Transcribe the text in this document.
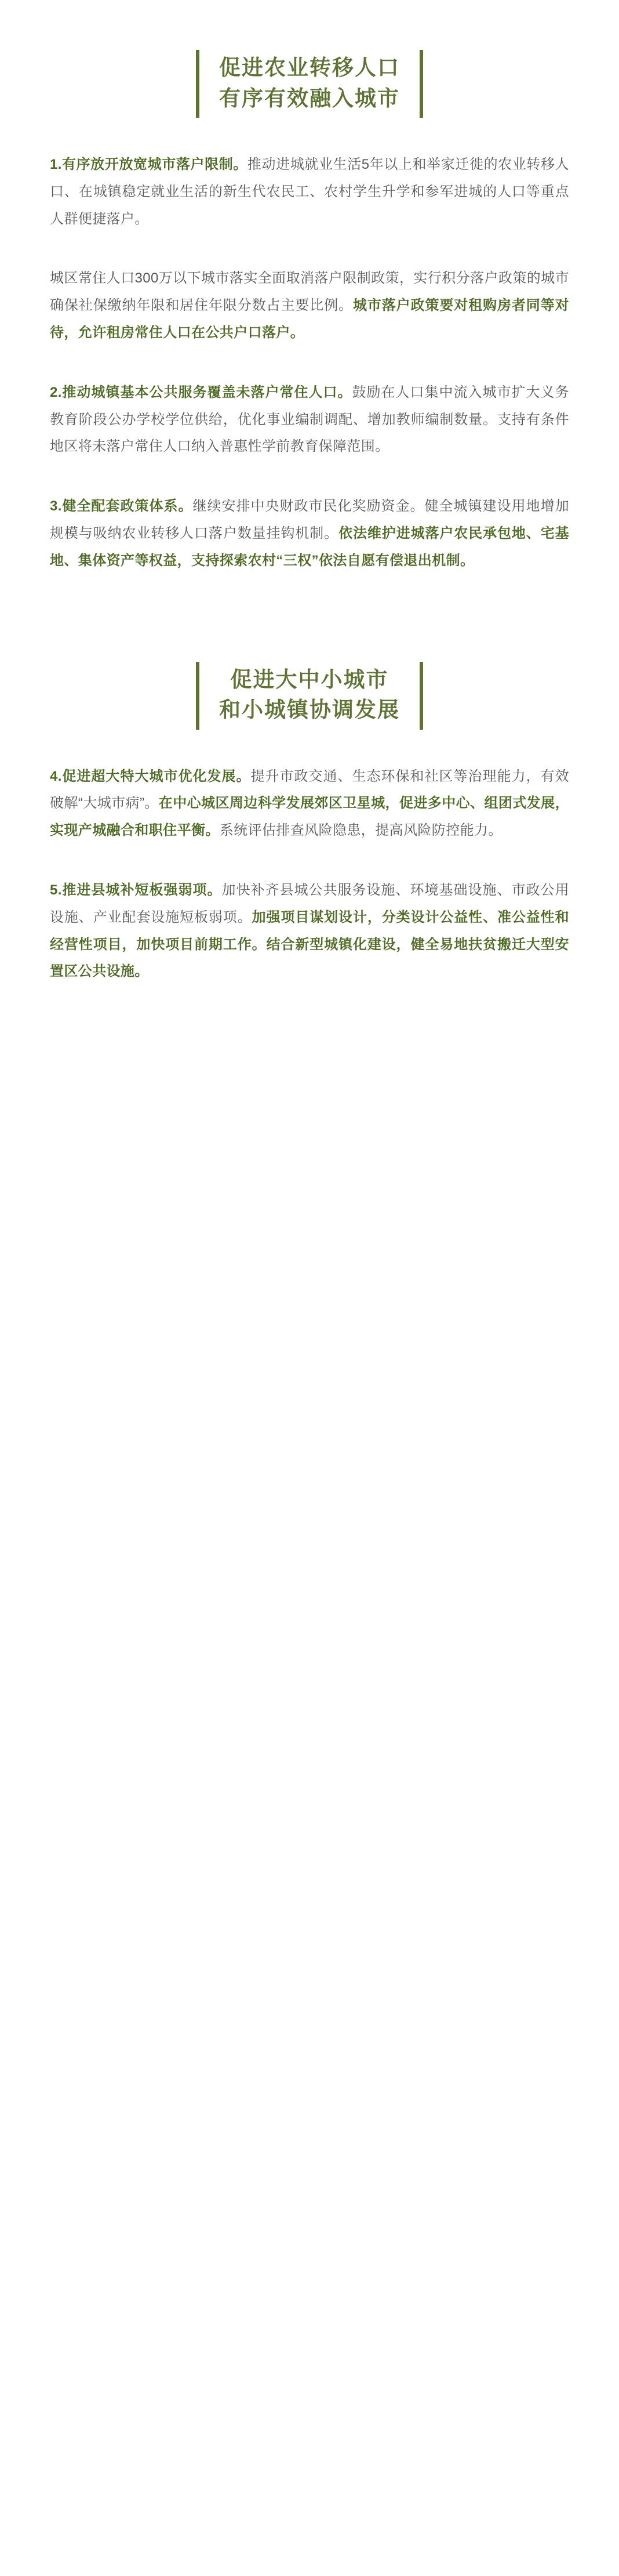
促进农业转移人口
有序有效融入城市

1.有序放开放宽城市落户限制。推动进城就业生活5年以上和举家迁徙的农业转移人口、在城镇稳定就业生活的新生代农民工、农村学生升学和参军进城的人口等重点人群便捷落户。

城区常住人口300万以下城市落实全面取消落户限制政策，实行积分落户政策的城市确保社保缴纳年限和居住年限分数占主要比例。城市落户政策要对租购房者同等对待，允许租房常住人口在公共户口落户。

2.推动城镇基本公共服务覆盖未落户常住人口。鼓励在人口集中流入城市扩大义务教育阶段公办学校学位供给，优化事业编制调配、增加教师编制数量。支持有条件地区将未落户常住人口纳入普惠性学前教育保障范围。

3.健全配套政策体系。继续安排中央财政市民化奖励资金。健全城镇建设用地增加规模与吸纳农业转移人口落户数量挂钩机制。依法维护进城落户农民承包地、宅基地、集体资产等权益，支持探索农村“三权”依法自愿有偿退出机制。

促进大中小城市
和小城镇协调发展

4.促进超大特大城市优化发展。提升市政交通、生态环保和社区等治理能力，有效破解“大城市病”。在中心城区周边科学发展郊区卫星城，促进多中心、组团式发展，实现产城融合和职住平衡。系统评估排查风险隐患，提高风险防控能力。

5.推进县城补短板强弱项。加快补齐县城公共服务设施、环境基础设施、市政公用设施、产业配套设施短板弱项。加强项目谋划设计，分类设计公益性、准公益性和经营性项目，加快项目前期工作。结合新型城镇化建设，健全易地扶贫搬迁大型安置区公共设施。
